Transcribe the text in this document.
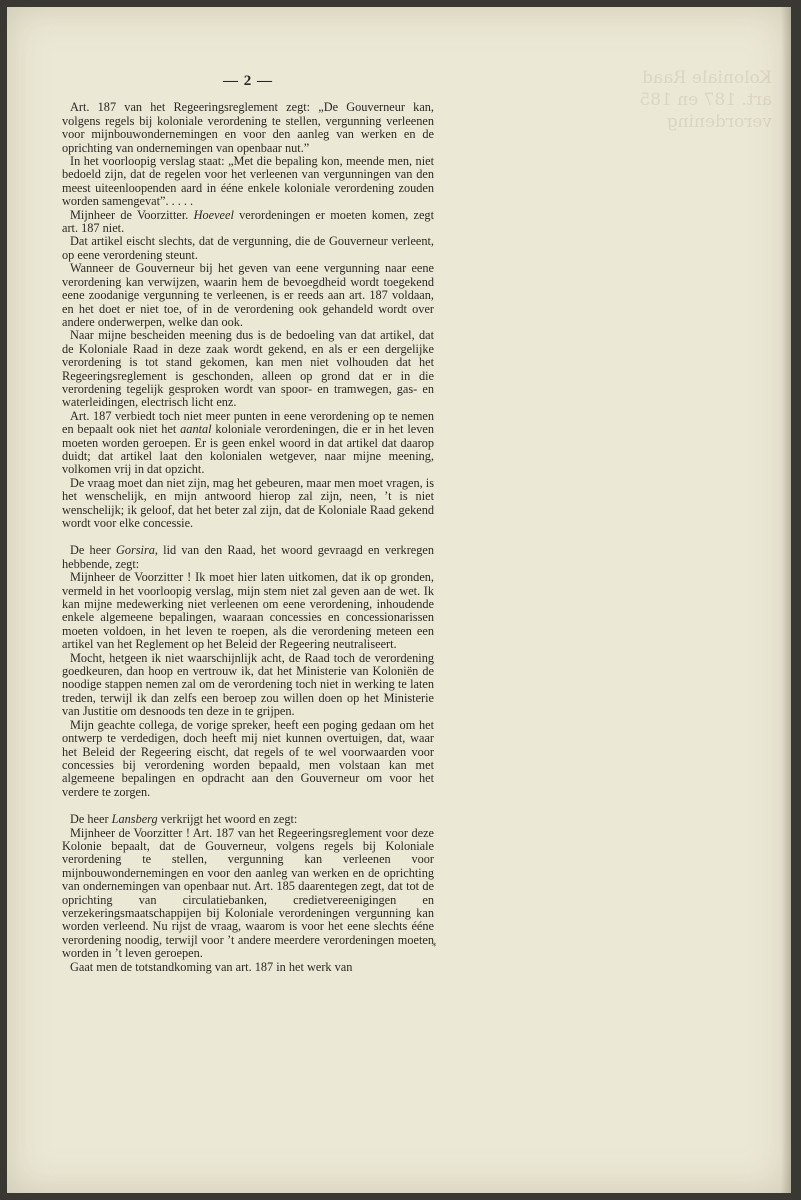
Koloniale Raad
art. 187 en 185
verordening
— 2 —

Art. 187 van het Regeeringsreglement zegt: „De Gouverneur kan, volgens regels bij koloniale verordening te stellen, vergunning verleenen voor mijnbouwondernemingen en voor den aanleg van werken en de oprichting van ondernemingen van openbaar nut.”

In het voorloopig verslag staat: „Met die bepaling kon, meende men, niet bedoeld zijn, dat de regelen voor het verleenen van vergunningen van den meest uiteenloopenden aard in ééne enkele koloniale verordening zouden worden samengevat”. . . . .

Mijnheer de Voorzitter. Hoeveel verordeningen er moeten komen, zegt art. 187 niet.

Dat artikel eischt slechts, dat de vergunning, die de Gouverneur verleent, op eene verordening steunt.

Wanneer de Gouverneur bij het geven van eene vergunning naar eene verordening kan verwijzen, waarin hem de bevoegdheid wordt toegekend eene zoodanige vergunning te verleenen, is er reeds aan art. 187 voldaan, en het doet er niet toe, of in de verordening ook gehandeld wordt over andere onderwerpen, welke dan ook.

Naar mijne bescheiden meening dus is de bedoeling van dat artikel, dat de Koloniale Raad in deze zaak wordt gekend, en als er een dergelijke verordening is tot stand gekomen, kan men niet volhouden dat het Regeeringsreglement is geschonden, alleen op grond dat er in die verordening tegelijk gesproken wordt van spoor- en tramwegen, gas- en waterleidingen, electrisch licht enz.

Art. 187 verbiedt toch niet meer punten in eene verordening op te nemen en bepaalt ook niet het aantal koloniale verordeningen, die er in het leven moeten worden geroepen. Er is geen enkel woord in dat artikel dat daarop duidt; dat artikel laat den kolonialen wetgever, naar mijne meening, volkomen vrij in dat opzicht.

De vraag moet dan niet zijn, mag het gebeuren, maar men moet vragen, is het wenschelijk, en mijn antwoord hierop zal zijn, neen, ’t is niet wenschelijk; ik geloof, dat het beter zal zijn, dat de Koloniale Raad gekend wordt voor elke concessie.

De heer Gorsira, lid van den Raad, het woord gevraagd en verkregen hebbende, zegt:

Mijnheer de Voorzitter ! Ik moet hier laten uitkomen, dat ik op gronden, vermeld in het voorloopig verslag, mijn stem niet zal geven aan de wet. Ik kan mijne medewerking niet verleenen om eene verordening, inhoudende enkele algemeene bepalingen, waaraan concessies en concessionarissen moeten voldoen, in het leven te roepen, als die verordening meteen een artikel van het Reglement op het Beleid der Regeering neutraliseert.

Mocht, hetgeen ik niet waarschijnlijk acht, de Raad toch de verordening goedkeuren, dan hoop en vertrouw ik, dat het Ministerie van Koloniën de noodige stappen nemen zal om de verordening toch niet in werking te laten treden, terwijl ik dan zelfs een beroep zou willen doen op het Ministerie van Justitie om desnoods ten deze in te grijpen.

Mijn geachte collega, de vorige spreker, heeft een poging gedaan om het ontwerp te verdedigen, doch heeft mij niet kunnen overtuigen, dat, waar het Beleid der Regeering eischt, dat regels of te wel voorwaarden voor concessies bij verordening worden bepaald, men volstaan kan met algemeene bepalingen en opdracht aan den Gouverneur om voor het verdere te zorgen.

De heer Lansberg verkrijgt het woord en zegt:

Mijnheer de Voorzitter ! Art. 187 van het Regeeringsreglement voor deze Kolonie bepaalt, dat de Gouverneur, volgens regels bij Koloniale verordening te stellen, vergunning kan verleenen voor mijnbouwondernemingen en voor den aanleg van werken en de oprichting van ondernemingen van openbaar nut. Art. 185 daarentegen zegt, dat tot de oprichting van circulatiebanken, credietvereenigingen en verzekeringsmaatschappijen bij Koloniale verordeningen vergunning kan worden verleend. Nu rijst de vraag, waarom is voor het eene slechts ééne verordening noodig, terwijl voor ’t andere meerdere verordeningen moeten worden in ’t leven geroepen.

Gaat men de totstandkoming van art. 187 in het werk van

*
